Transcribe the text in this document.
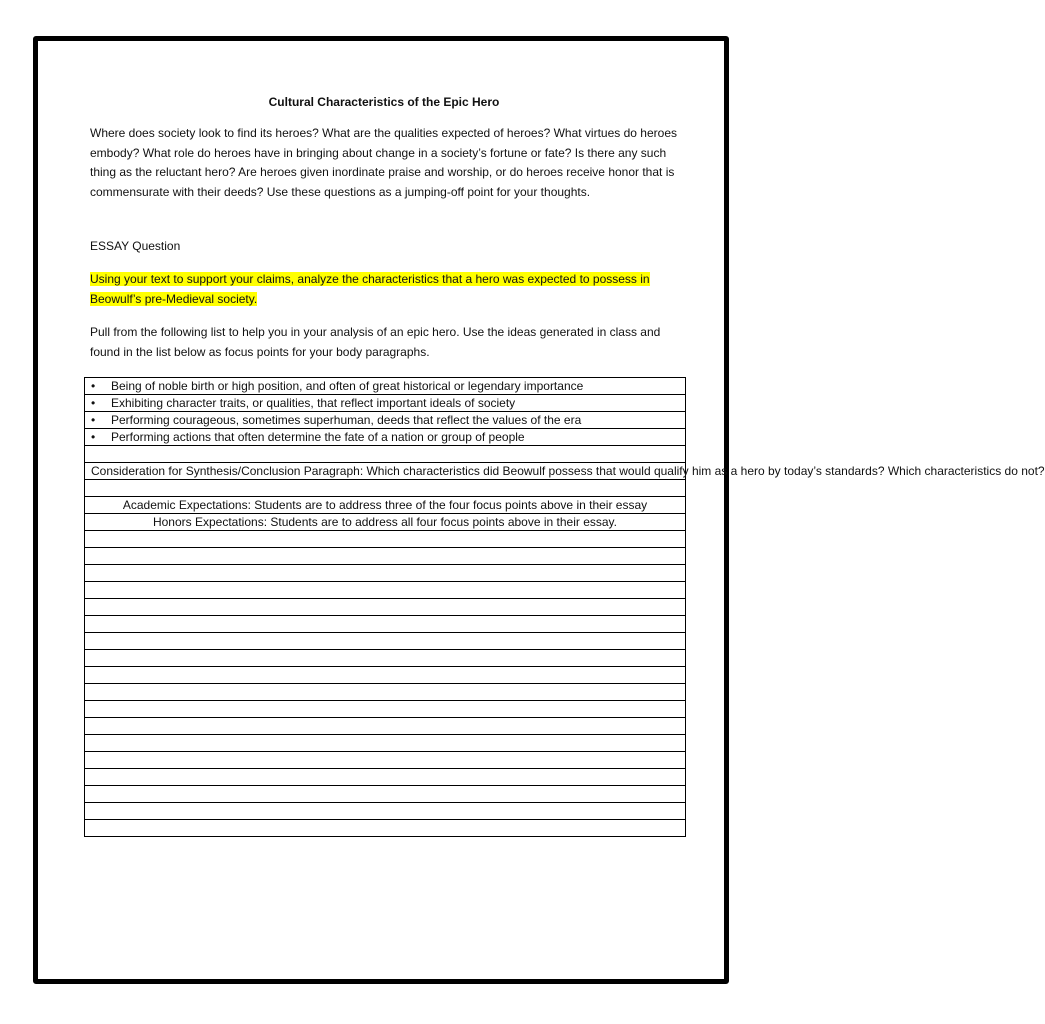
Cultural Characteristics of the Epic Hero

Where does society look to find its heroes? What are the qualities expected of heroes? What virtues do heroes embody? What role do heroes have in bringing about change in a society’s fortune or fate? Is there any such thing as the reluctant hero? Are heroes given inordinate praise and worship, or do heroes receive honor that is commensurate with their deeds? Use these questions as a jumping-off point for your thoughts.

ESSAY Question

Using your text to support your claims, analyze the characteristics that a hero was expected to possess in Beowulf’s pre-Medieval society.

Pull from the following list to help you in your analysis of an epic hero. Use the ideas generated in class and found in the list below as focus points for your body paragraphs.

• Being of noble birth or high position, and often of great historical or legendary importance
• Exhibiting character traits, or qualities, that reflect important ideals of society
• Performing courageous, sometimes superhuman, deeds that reflect the values of the era
• Performing actions that often determine the fate of a nation or group of people

Consideration for Synthesis/Conclusion Paragraph: Which characteristics did Beowulf possess that would qualify him as a hero by today’s standards? Which characteristics do not?

Academic Expectations: Students are to address three of the four focus points above in their essay
Honors Expectations: Students are to address all four focus points above in their essay.
